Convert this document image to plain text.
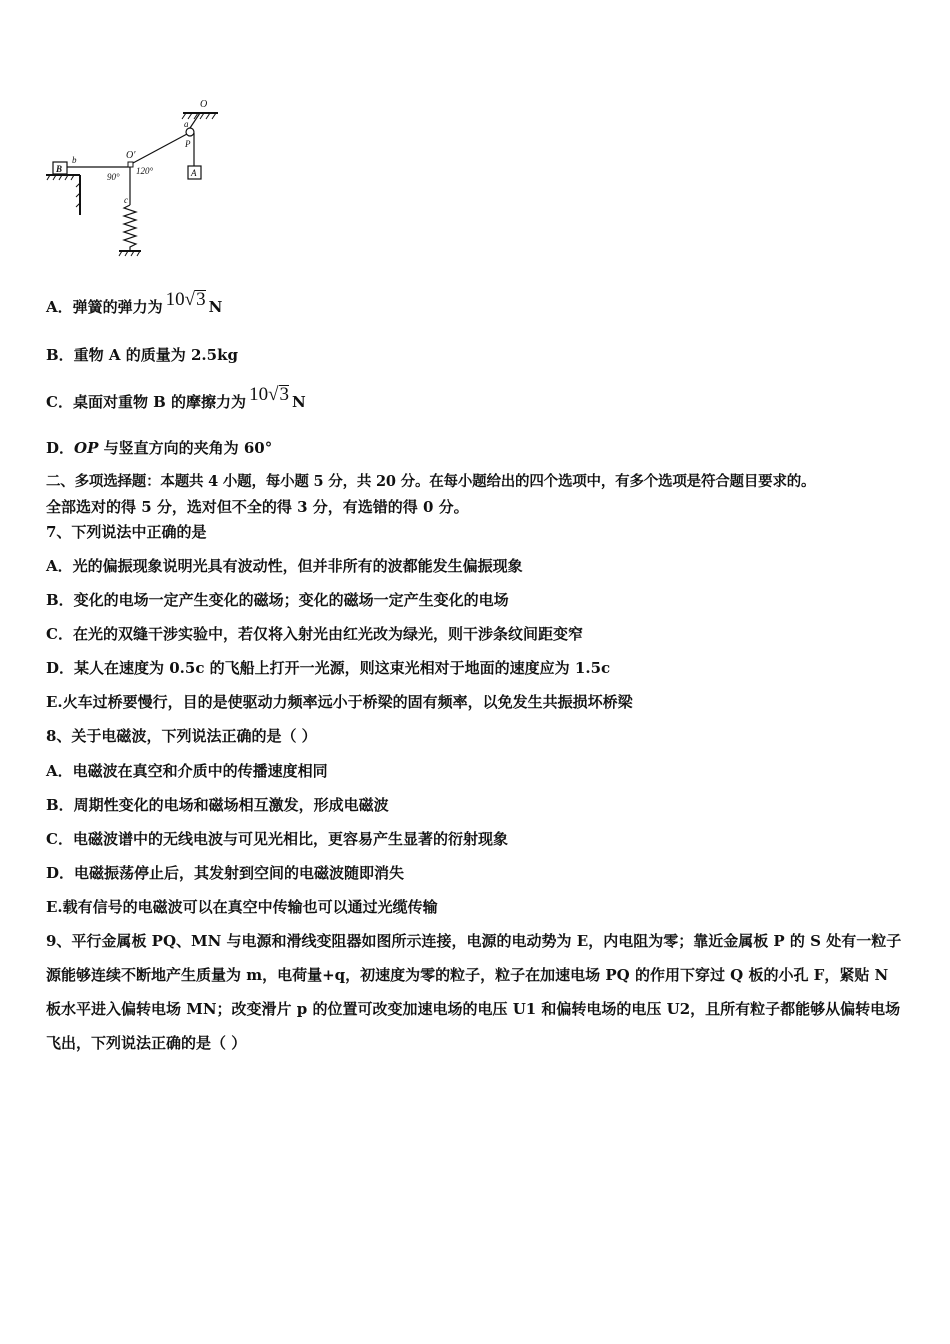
O
a
P
O′
b
c
B	A
90°
120°
A．弹簧的弹力为 10√3 N
B．重物 A 的质量为 2.5kg
C．桌面对重物 B 的摩擦力为 10√3 N
D．OP 与竖直方向的夹角为 60°
二、多项选择题：本题共 4 小题，每小题 5 分，共 20 分。在每小题给出的四个选项中，有多个选项是符合题目要求的。
全部选对的得 5 分，选对但不全的得 3 分，有选错的得 0 分。
7、下列说法中正确的是
A．光的偏振现象说明光具有波动性，但并非所有的波都能发生偏振现象
B．变化的电场一定产生变化的磁场；变化的磁场一定产生变化的电场
C．在光的双缝干涉实验中，若仅将入射光由红光改为绿光，则干涉条纹间距变窄
D．某人在速度为 0.5c 的飞船上打开一光源，则这束光相对于地面的速度应为 1.5c
E.火车过桥要慢行，目的是使驱动力频率远小于桥梁的固有频率，以免发生共振损坏桥梁
8、关于电磁波，下列说法正确的是（ ）
A．电磁波在真空和介质中的传播速度相同
B．周期性变化的电场和磁场相互激发，形成电磁波
C．电磁波谱中的无线电波与可见光相比，更容易产生显著的衍射现象
D．电磁振荡停止后，其发射到空间的电磁波随即消失
E.载有信号的电磁波可以在真空中传输也可以通过光缆传输
9、平行金属板 PQ、MN 与电源和滑线变阻器如图所示连接，电源的电动势为 E，内电阻为零；靠近金属板 P 的 S 处有一粒子源能够连续不断地产生质量为 m，电荷量+q，初速度为零的粒子，粒子在加速电场 PQ 的作用下穿过 Q 板的小孔 F，紧贴 N 板水平进入偏转电场 MN；改变滑片 p 的位置可改变加速电场的电压 U1 和偏转电场的电压 U2，且所有粒子都能够从偏转电场飞出，下列说法正确的是（ ）
